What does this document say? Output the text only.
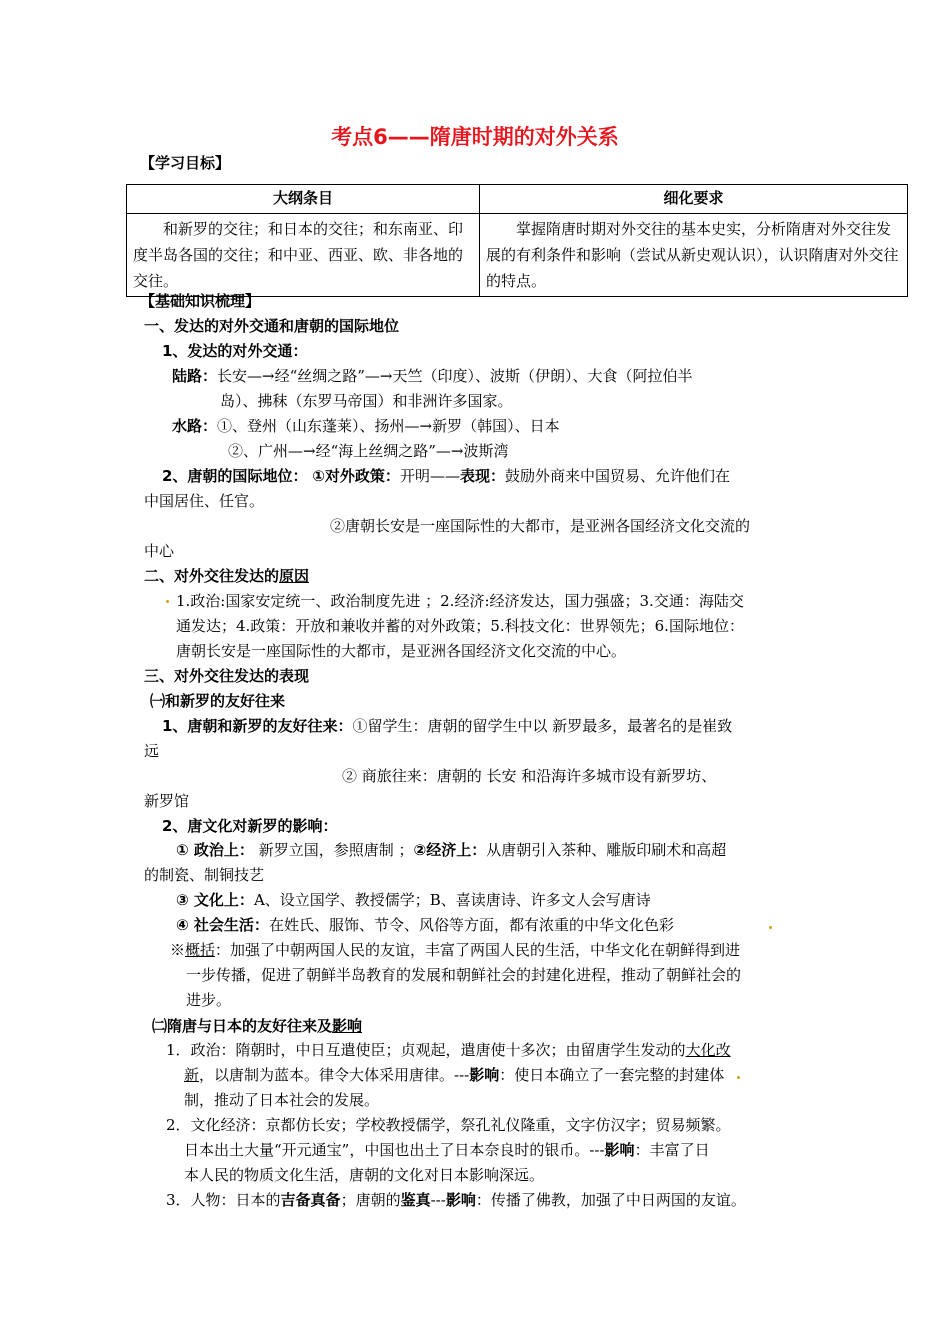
考点6——隋唐时期的对外关系
【学习目标】
大纲条目	细化要求
和新罗的交往；和日本的交往；和东南亚、印度半岛各国的交往；和中亚、西亚、欧、非各地的交往。	掌握隋唐时期对外交往的基本史实，分析隋唐对外交往发展的有利条件和影响（尝试从新史观认识），认识隋唐对外交往的特点。
【基础知识梳理】
一、发达的对外交通和唐朝的国际地位
1、发达的对外交通：
陆路：长安—→经“丝绸之路”—→天竺（印度）、波斯（伊朗）、大食（阿拉伯半
岛）、拂秣（东罗马帝国）和非洲许多国家。
水路：①、登州（山东蓬莱）、扬州—→新罗（韩国）、日本
②、广州—→经“海上丝绸之路”—→波斯湾
2、唐朝的国际地位： ①对外政策：开明——表现：鼓励外商来中国贸易、允许他们在
中国居住、任官。
②唐朝长安是一座国际性的大都市，是亚洲各国经济文化交流的
中心
二、对外交往发达的原因
1.政治:国家安定统一、政治制度先进 ；2.经济:经济发达，国力强盛；3.交通：海陆交
通发达；4.政策：开放和兼收并蓄的对外政策；5.科技文化：世界领先；6.国际地位：
唐朝长安是一座国际性的大都市，是亚洲各国经济文化交流的中心。
三、对外交往发达的表现
㈠和新罗的友好往来
1、唐朝和新罗的友好往来：①留学生：唐朝的留学生中以 新罗最多，最著名的是崔致
远
② 商旅往来：唐朝的 长安 和沿海许多城市设有新罗坊、
新罗馆
2、唐文化对新罗的影响：
① 政治上： 新罗立国，参照唐制 ；②经济上：从唐朝引入茶种、雕版印刷术和高超
的制瓷、制铜技艺
③ 文化上：A、设立国学、教授儒学；B、喜读唐诗、许多文人会写唐诗
④ 社会生活：在姓氏、服饰、节令、风俗等方面，都有浓重的中华文化色彩
※概括：加强了中朝两国人民的友谊，丰富了两国人民的生活，中华文化在朝鲜得到进
一步传播，促进了朝鲜半岛教育的发展和朝鲜社会的封建化进程，推动了朝鲜社会的
进步。
㈡隋唐与日本的友好往来及影响
1．政治：隋朝时，中日互遣使臣；贞观起，遣唐使十多次；由留唐学生发动的大化改
新，以唐制为蓝本。律令大体采用唐律。---影响：使日本确立了一套完整的封建体
制，推动了日本社会的发展。
2．文化经济：京都仿长安；学校教授儒学，祭孔礼仪隆重，文字仿汉字；贸易频繁。
日本出土大量“开元通宝”，中国也出土了日本奈良时的银币。---影响：丰富了日
本人民的物质文化生活，唐朝的文化对日本影响深远。
3．人物：日本的吉备真备；唐朝的鉴真---影响：传播了佛教，加强了中日两国的友谊。
